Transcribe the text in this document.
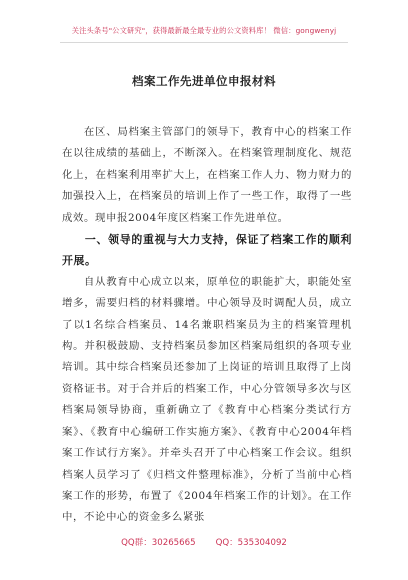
关注头条号"公文研究"，获得最新最全最专业的公文资料库！ 微信：gongwenyj
档案工作先进单位申报材料

在区、局档案主管部门的领导下，教育中心的档案工作在以往成绩的基础上，不断深入。在档案管理制度化、规范化上，在档案利用率扩大上，在档案工作人力、物力财力的加强投入上，在档案员的培训上作了一些工作，取得了一些成效。现申报2004年度区档案工作先进单位。

一、领导的重视与大力支持，保证了档案工作的顺利开展。

自从教育中心成立以来，原单位的职能扩大，职能处室增多，需要归档的材料骤增。中心领导及时调配人员，成立了以1名综合档案员、14名兼职档案员为主的档案管理机构。并积极鼓励、支持档案员参加区档案局组织的各项专业培训。其中综合档案员还参加了上岗证的培训且取得了上岗资格证书。对于合并后的档案工作，中心分管领导多次与区档案局领导协商，重新确立了《教育中心档案分类试行方案》、《教育中心编研工作实施方案》、《教育中心2004年档案工作试行方案》。并牵头召开了中心档案工作会议。组织档案人员学习了《归档文件整理标准》，分析了当前中心档案工作的形势，布置了《2004年档案工作的计划》。在工作中，不论中心的资金多么紧张

QQ群：30265665 QQ：535304092
